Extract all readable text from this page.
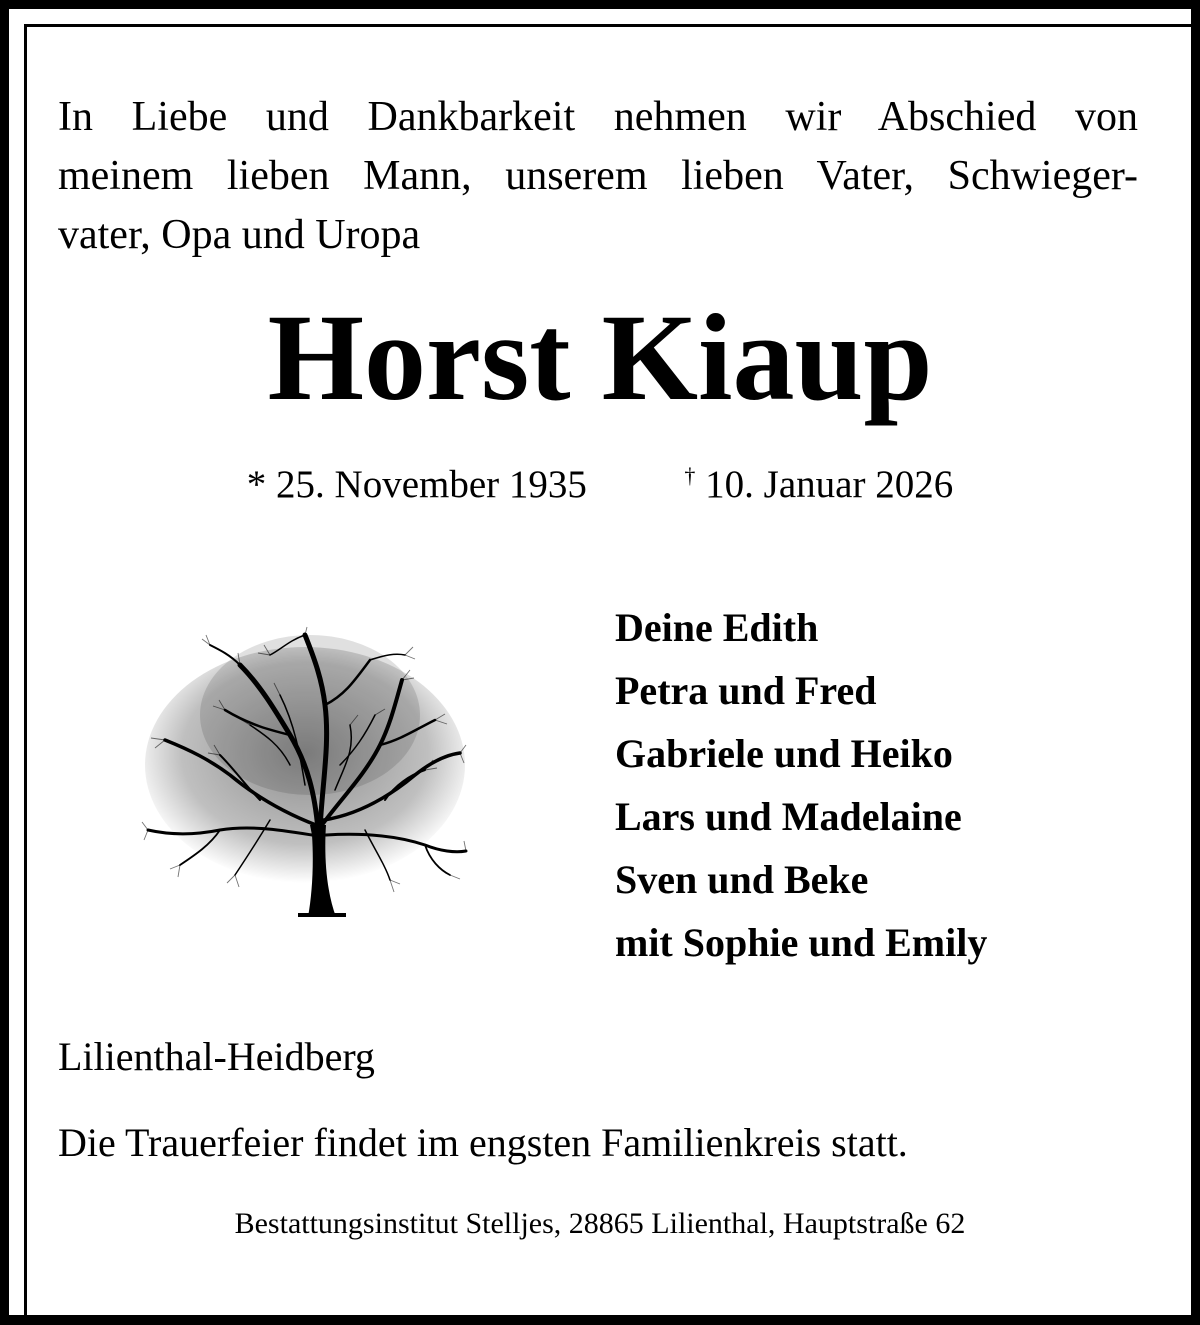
In Liebe und Dankbarkeit nehmen wir Abschied von
meinem lieben Mann, unserem lieben Vater, Schwieger-
vater, Opa und Uropa
Horst Kiaup
* 25. November 1935	† 10. Januar 2026
Deine Edith
Petra und Fred
Gabriele und Heiko
Lars und Madelaine
Sven und Beke
mit Sophie und Emily
Lilienthal-Heidberg
Die Trauerfeier findet im engsten Familienkreis statt.
Bestattungsinstitut Stelljes, 28865 Lilienthal, Hauptstraße 62
